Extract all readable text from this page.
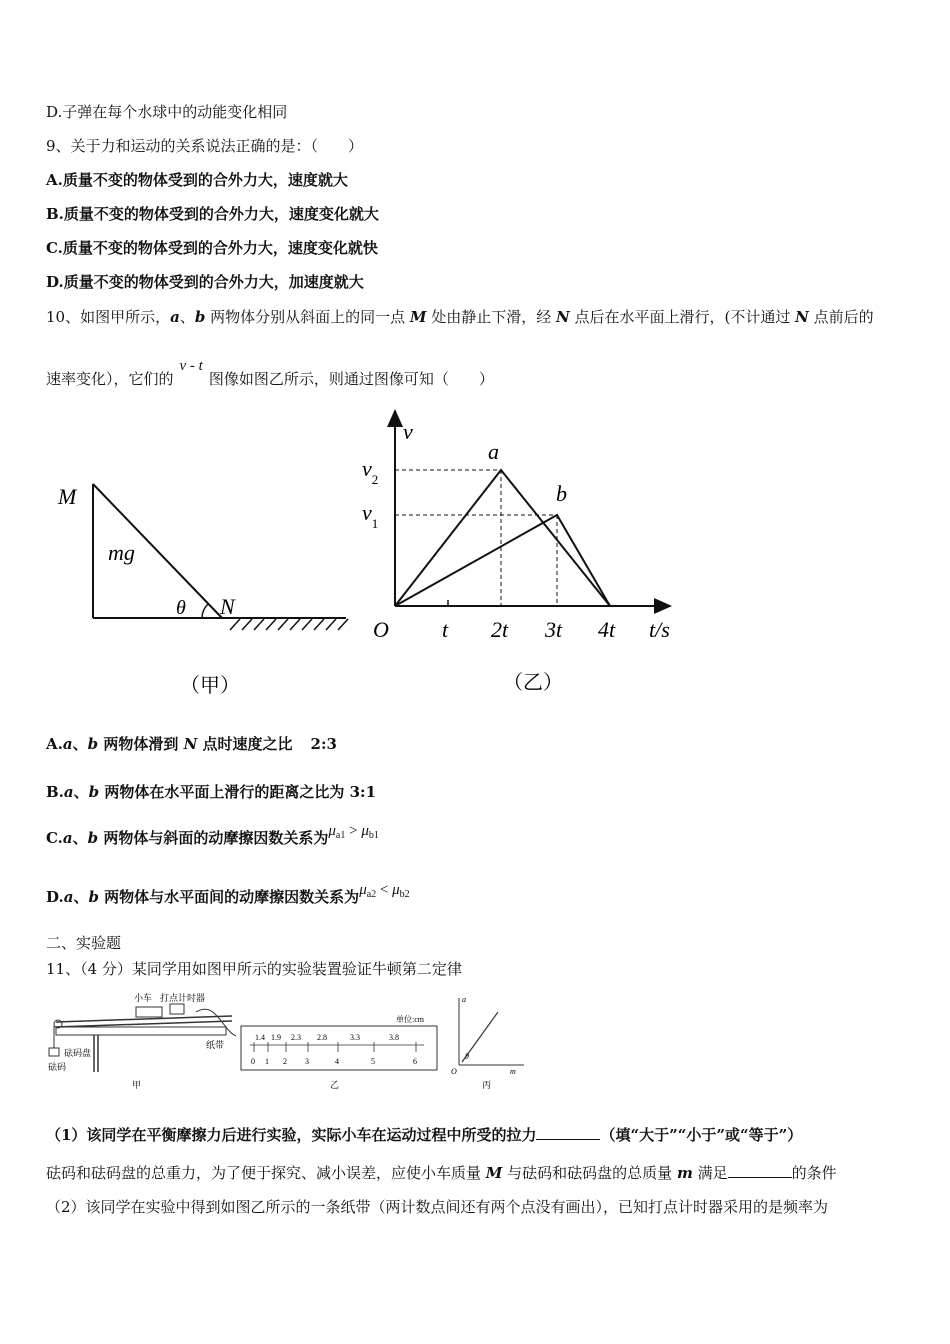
D.子弹在每个水球中的动能变化相同
9、关于力和运动的关系说法正确的是：（　　）
A.质量不变的物体受到的合外力大，速度就大
B.质量不变的物体受到的合外力大，速度变化就大
C.质量不变的物体受到的合外力大，速度变化就快
D.质量不变的物体受到的合外力大，加速度就大
10、如图甲所示，a、b 两物体分别从斜面上的同一点 M 处由静止下滑，经 N 点后在水平面上滑行，(不计通过 N 点前后的
速率变化），它们的v - t图像如图乙所示，则通过图像可知（　　）
M
mg
θ N
（甲）
v
a
b
$v_2$
$v_1$
O t 2t 3t 4t t/s
（乙）
A.a、b 两物体滑到 N 点时速度之比 2:3
B.a、b 两物体在水平面上滑行的距离之比为 3:1
C.a、b 两物体与斜面的动摩擦因数关系为$\mu_{a1} > \mu_{b1}$
D.a、b 两物体与水平面间的动摩擦因数关系为$\mu_{a2} < \mu_{b2}$
二、实验题
11、（4 分）某同学用如图甲所示的实验装置验证牛顿第二定律
小车 打点计时器
纸带
砝码盘
砝码
甲
单位:cm
0 1 2 3	4	5	6
1.4 1.9 2.3 2.8	3.3	3.8
乙
a
O	m
θ
丙
（1）该同学在平衡摩擦力后进行实验，实际小车在运动过程中所受的拉力	（填“大于”“小于”或“等于”）
砝码和砝码盘的总重力，为了便于探究、减小误差，应使小车质量 M 与砝码和砝码盘的总质量 m 满足	的条件
（2）该同学在实验中得到如图乙所示的一条纸带（两计数点间还有两个点没有画出），已知打点计时器采用的是频率为
